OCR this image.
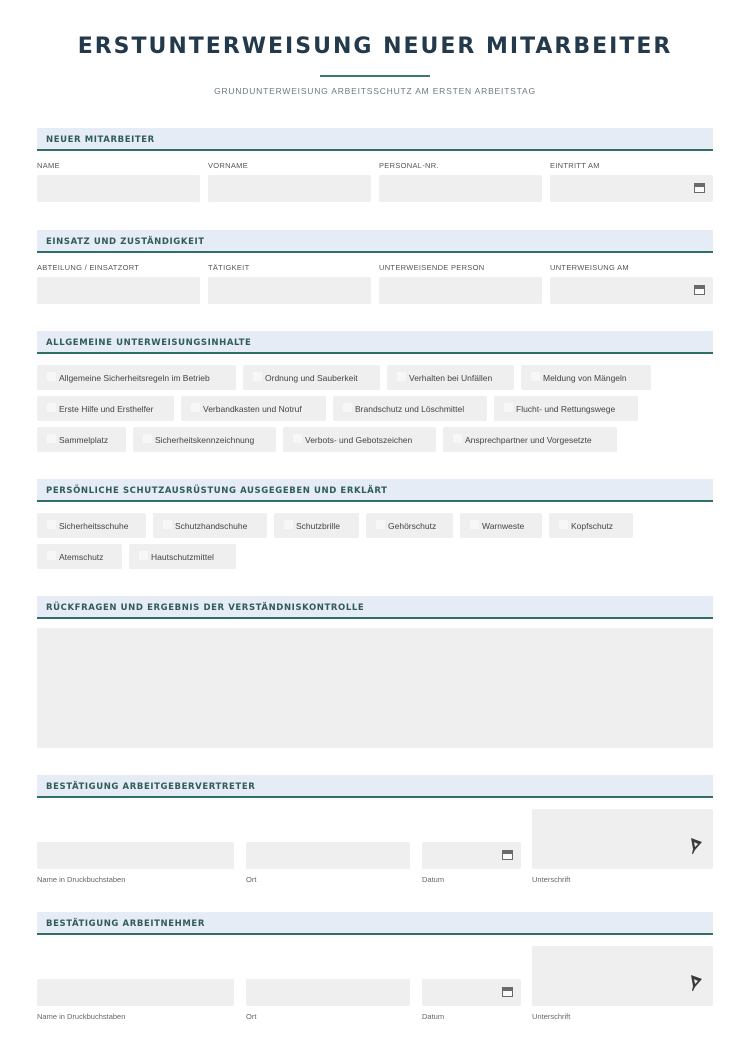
ERSTUNTERWEISUNG NEUER MITARBEITER
GRUNDUNTERWEISUNG ARBEITSSCHUTZ AM ERSTEN ARBEITSTAG
NEUER MITARBEITER
NAME	VORNAME	PERSONAL-NR.	EINTRITT AM
EINSATZ UND ZUSTÄNDIGKEIT
ABTEILUNG / EINSATZORT	TÄTIGKEIT	UNTERWEISENDE PERSON	UNTERWEISUNG AM
ALLGEMEINE UNTERWEISUNGSINHALTE
Allgemeine Sicherheitsregeln im Betrieb	Ordnung und Sauberkeit	Verhalten bei Unfällen	Meldung von Mängeln
Erste Hilfe und Ersthelfer	Verbandkasten und Notruf	Brandschutz und Löschmittel	Flucht- und Rettungswege
Sammelplatz	Sicherheitskennzeichnung	Verbots- und Gebotszeichen	Ansprechpartner und Vorgesetzte
PERSÖNLICHE SCHUTZAUSRÜSTUNG AUSGEGEBEN UND ERKLÄRT
Sicherheitsschuhe	Schutzhandschuhe	Schutzbrille	Gehörschutz	Warnweste	Kopfschutz
Atemschutz	Hautschutzmittel
RÜCKFRAGEN UND ERGEBNIS DER VERSTÄNDNISKONTROLLE
BESTÄTIGUNG ARBEITGEBERVERTRETER
Name in Druckbuchstaben	Ort	Datum	Unterschrift
BESTÄTIGUNG ARBEITNEHMER
Name in Druckbuchstaben	Ort	Datum	Unterschrift
